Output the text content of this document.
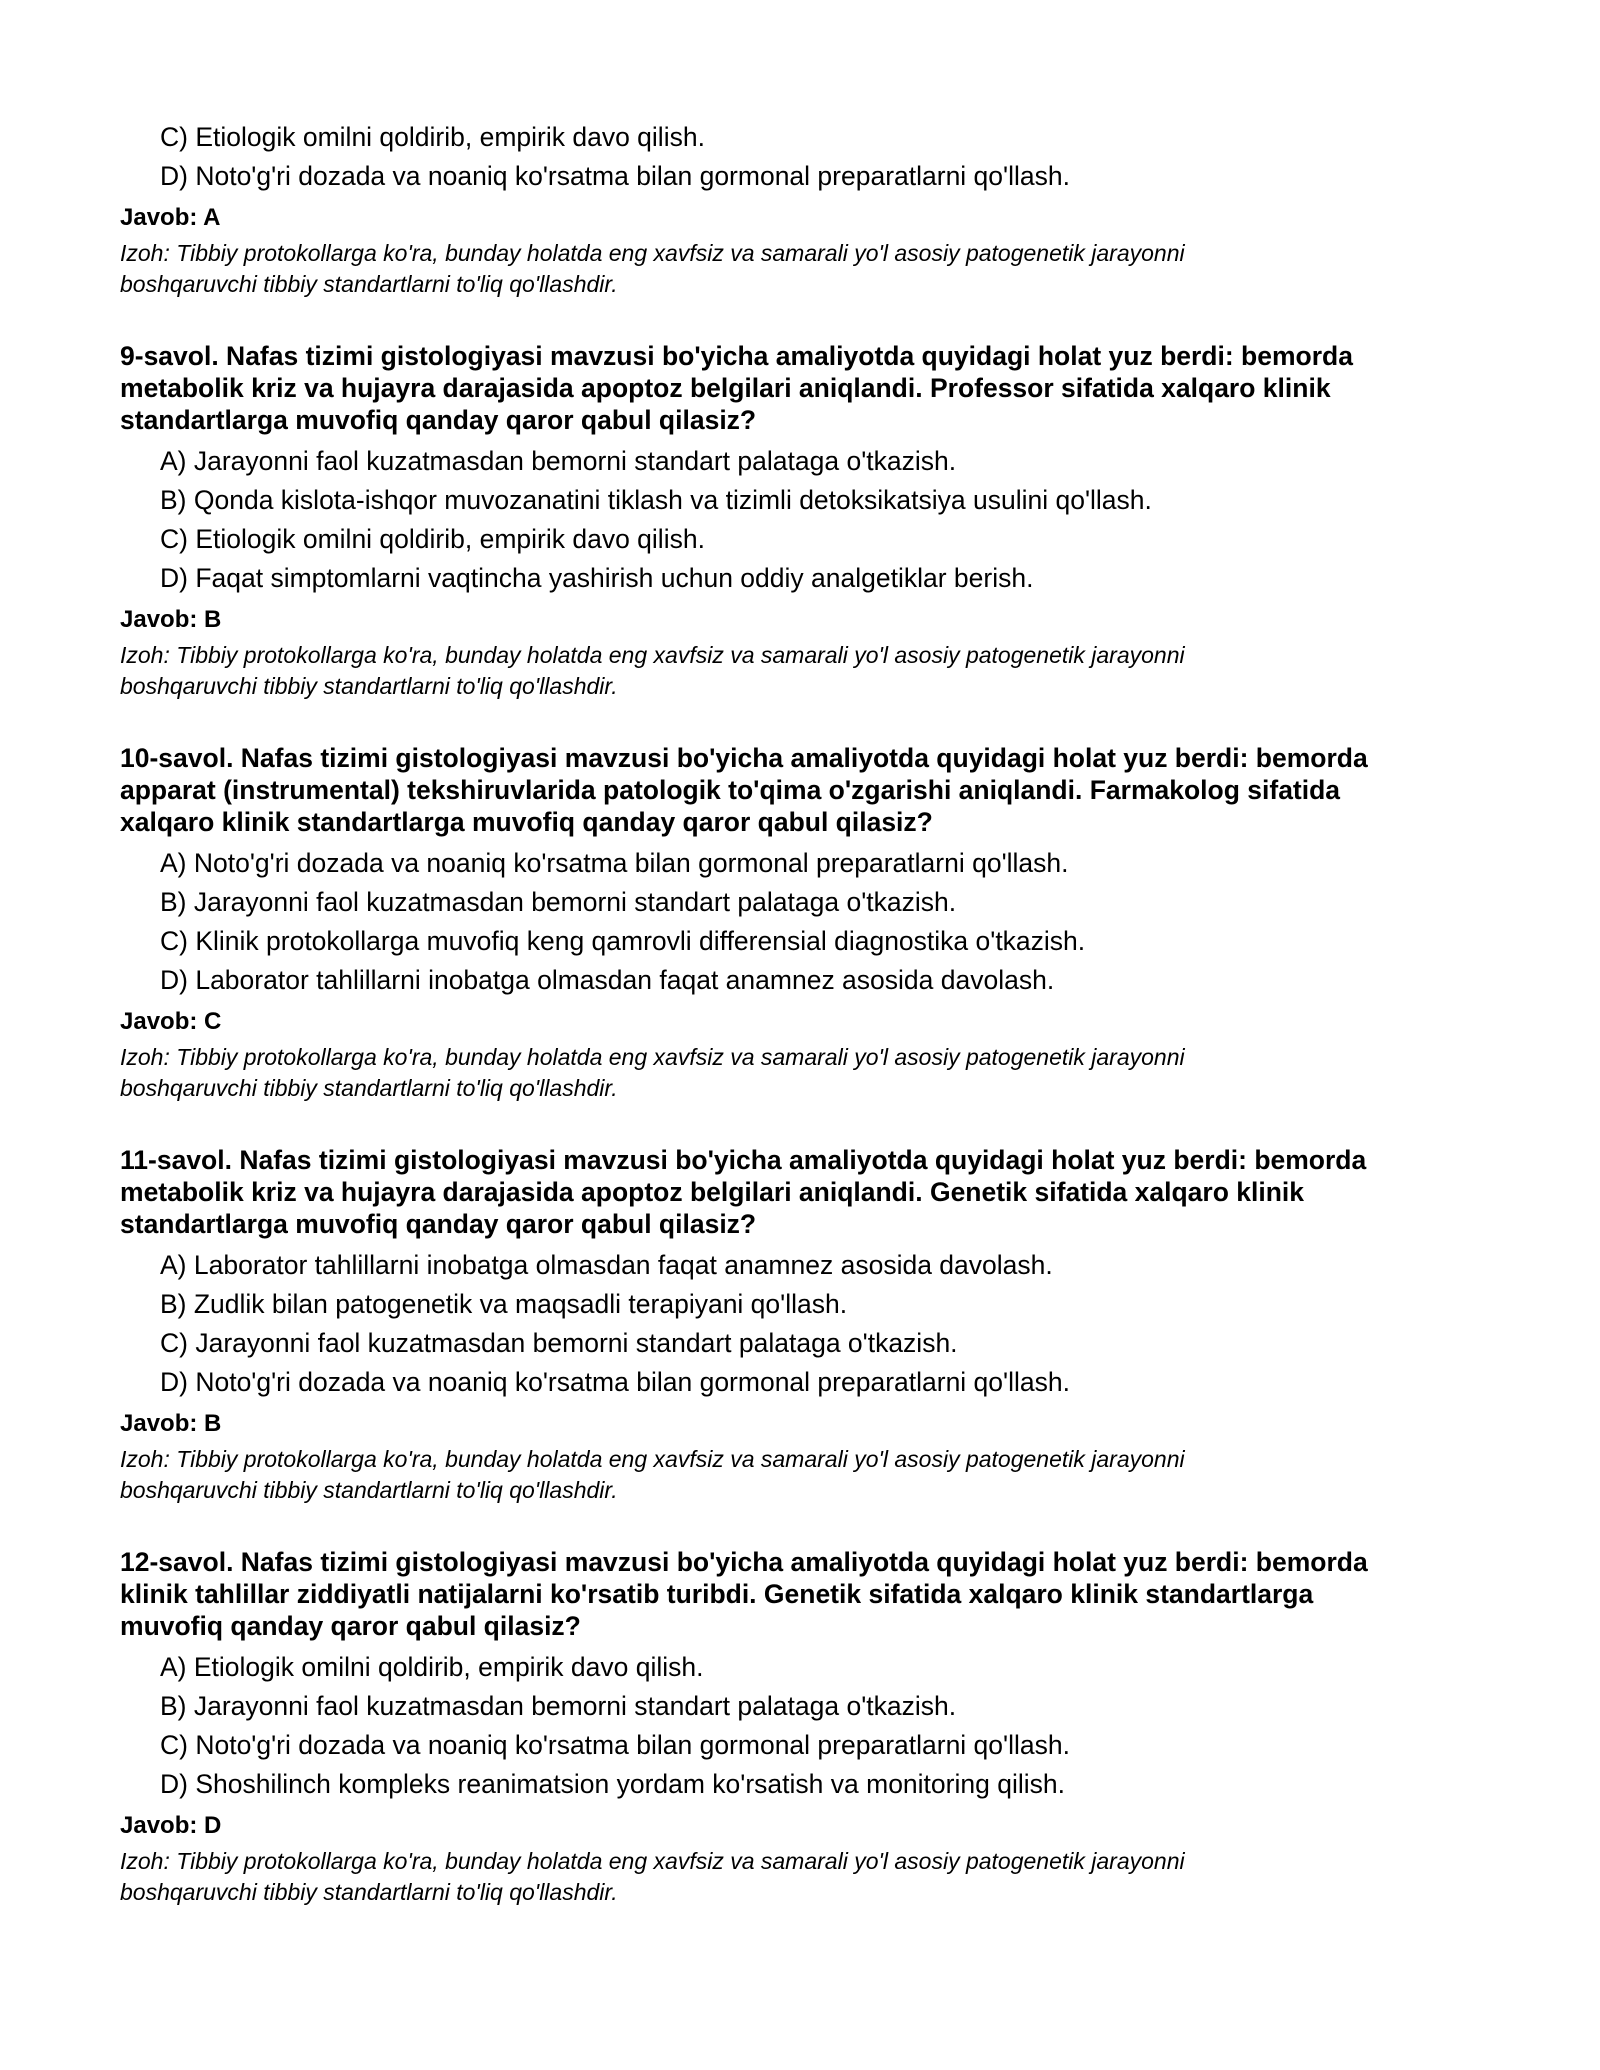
C) Etiologik omilni qoldirib, empirik davo qilish.
D) Noto'g'ri dozada va noaniq ko'rsatma bilan gormonal preparatlarni qo'llash.
Javob: A
Izoh: Tibbiy protokollarga ko'ra, bunday holatda eng xavfsiz va samarali yo'l asosiy patogenetik jarayonni
boshqaruvchi tibbiy standartlarni to'liq qo'llashdir.
9-savol. Nafas tizimi gistologiyasi mavzusi bo'yicha amaliyotda quyidagi holat yuz berdi: bemorda
metabolik kriz va hujayra darajasida apoptoz belgilari aniqlandi. Professor sifatida xalqaro klinik
standartlarga muvofiq qanday qaror qabul qilasiz?
A) Jarayonni faol kuzatmasdan bemorni standart palataga o'tkazish.
B) Qonda kislota-ishqor muvozanatini tiklash va tizimli detoksikatsiya usulini qo'llash.
C) Etiologik omilni qoldirib, empirik davo qilish.
D) Faqat simptomlarni vaqtincha yashirish uchun oddiy analgetiklar berish.
Javob: B
Izoh: Tibbiy protokollarga ko'ra, bunday holatda eng xavfsiz va samarali yo'l asosiy patogenetik jarayonni
boshqaruvchi tibbiy standartlarni to'liq qo'llashdir.
10-savol. Nafas tizimi gistologiyasi mavzusi bo'yicha amaliyotda quyidagi holat yuz berdi: bemorda
apparat (instrumental) tekshiruvlarida patologik to'qima o'zgarishi aniqlandi. Farmakolog sifatida
xalqaro klinik standartlarga muvofiq qanday qaror qabul qilasiz?
A) Noto'g'ri dozada va noaniq ko'rsatma bilan gormonal preparatlarni qo'llash.
B) Jarayonni faol kuzatmasdan bemorni standart palataga o'tkazish.
C) Klinik protokollarga muvofiq keng qamrovli differensial diagnostika o'tkazish.
D) Laborator tahlillarni inobatga olmasdan faqat anamnez asosida davolash.
Javob: C
Izoh: Tibbiy protokollarga ko'ra, bunday holatda eng xavfsiz va samarali yo'l asosiy patogenetik jarayonni
boshqaruvchi tibbiy standartlarni to'liq qo'llashdir.
11-savol. Nafas tizimi gistologiyasi mavzusi bo'yicha amaliyotda quyidagi holat yuz berdi: bemorda
metabolik kriz va hujayra darajasida apoptoz belgilari aniqlandi. Genetik sifatida xalqaro klinik
standartlarga muvofiq qanday qaror qabul qilasiz?
A) Laborator tahlillarni inobatga olmasdan faqat anamnez asosida davolash.
B) Zudlik bilan patogenetik va maqsadli terapiyani qo'llash.
C) Jarayonni faol kuzatmasdan bemorni standart palataga o'tkazish.
D) Noto'g'ri dozada va noaniq ko'rsatma bilan gormonal preparatlarni qo'llash.
Javob: B
Izoh: Tibbiy protokollarga ko'ra, bunday holatda eng xavfsiz va samarali yo'l asosiy patogenetik jarayonni
boshqaruvchi tibbiy standartlarni to'liq qo'llashdir.
12-savol. Nafas tizimi gistologiyasi mavzusi bo'yicha amaliyotda quyidagi holat yuz berdi: bemorda
klinik tahlillar ziddiyatli natijalarni ko'rsatib turibdi. Genetik sifatida xalqaro klinik standartlarga
muvofiq qanday qaror qabul qilasiz?
A) Etiologik omilni qoldirib, empirik davo qilish.
B) Jarayonni faol kuzatmasdan bemorni standart palataga o'tkazish.
C) Noto'g'ri dozada va noaniq ko'rsatma bilan gormonal preparatlarni qo'llash.
D) Shoshilinch kompleks reanimatsion yordam ko'rsatish va monitoring qilish.
Javob: D
Izoh: Tibbiy protokollarga ko'ra, bunday holatda eng xavfsiz va samarali yo'l asosiy patogenetik jarayonni
boshqaruvchi tibbiy standartlarni to'liq qo'llashdir.
